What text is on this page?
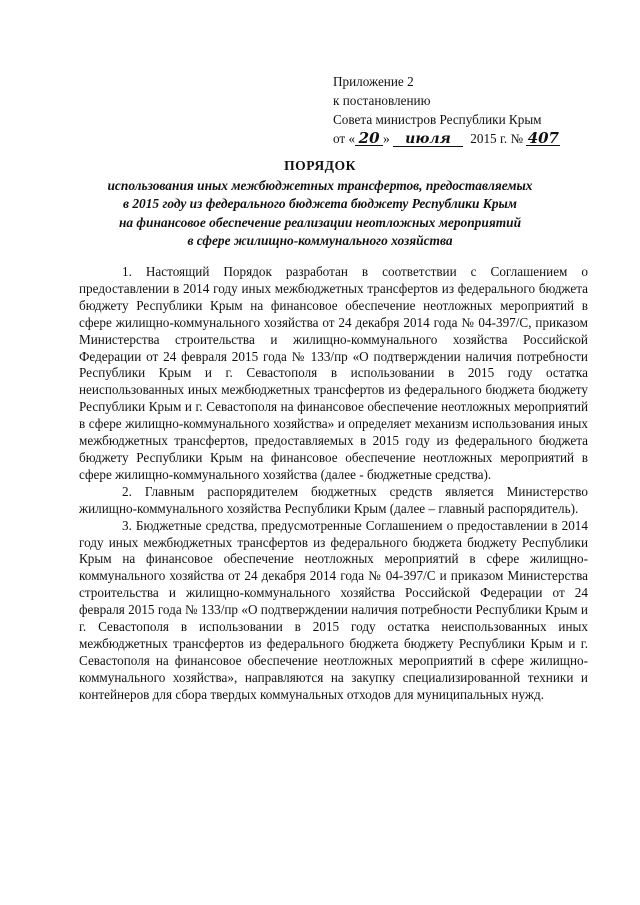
Приложение 2
к постановлению
Совета министров Республики Крым
от « 20 » июля 2015 г. № 407
ПОРЯДОК
использования иных межбюджетных трансфертов, предоставляемых
в 2015 году из федерального бюджета бюджету Республики Крым
на финансовое обеспечение реализации неотложных мероприятий
в сфере жилищно-коммунального хозяйства

1. Настоящий Порядок разработан в соответствии с Соглашением о предоставлении в 2014 году иных межбюджетных трансфертов из федерального бюджета бюджету Республики Крым на финансовое обеспечение неотложных мероприятий в сфере жилищно-коммунального хозяйства от 24 декабря 2014 года № 04-397/С, приказом Министерства строительства и жилищно-коммунального хозяйства Российской Федерации от 24 февраля 2015 года № 133/пр «О подтверждении наличия потребности Республики Крым и г. Севастополя в использовании в 2015 году остатка неиспользованных иных межбюджетных трансфертов из федерального бюджета бюджету Республики Крым и г. Севастополя на финансовое обеспечение неотложных мероприятий в сфере жилищно-коммунального хозяйства» и определяет механизм использования иных межбюджетных трансфертов, предоставляемых в 2015 году из федерального бюджета бюджету Республики Крым на финансовое обеспечение неотложных мероприятий в сфере жилищно-коммунального хозяйства (далее - бюджетные средства).

2. Главным распорядителем бюджетных средств является Министерство жилищно-коммунального хозяйства Республики Крым (далее – главный распорядитель).

3. Бюджетные средства, предусмотренные Соглашением о предоставлении в 2014 году иных межбюджетных трансфертов из федерального бюджета бюджету Республики Крым на финансовое обеспечение неотложных мероприятий в сфере жилищно-коммунального хозяйства от 24 декабря 2014 года № 04-397/С и приказом Министерства строительства и жилищно-коммунального хозяйства Российской Федерации от 24 февраля 2015 года № 133/пр «О подтверждении наличия потребности Республики Крым и г. Севастополя в использовании в 2015 году остатка неиспользованных иных межбюджетных трансфертов из федерального бюджета бюджету Республики Крым и г. Севастополя на финансовое обеспечение неотложных мероприятий в сфере жилищно-коммунального хозяйства», направляются на закупку специализированной техники и контейнеров для сбора твердых коммунальных отходов для муниципальных нужд.
